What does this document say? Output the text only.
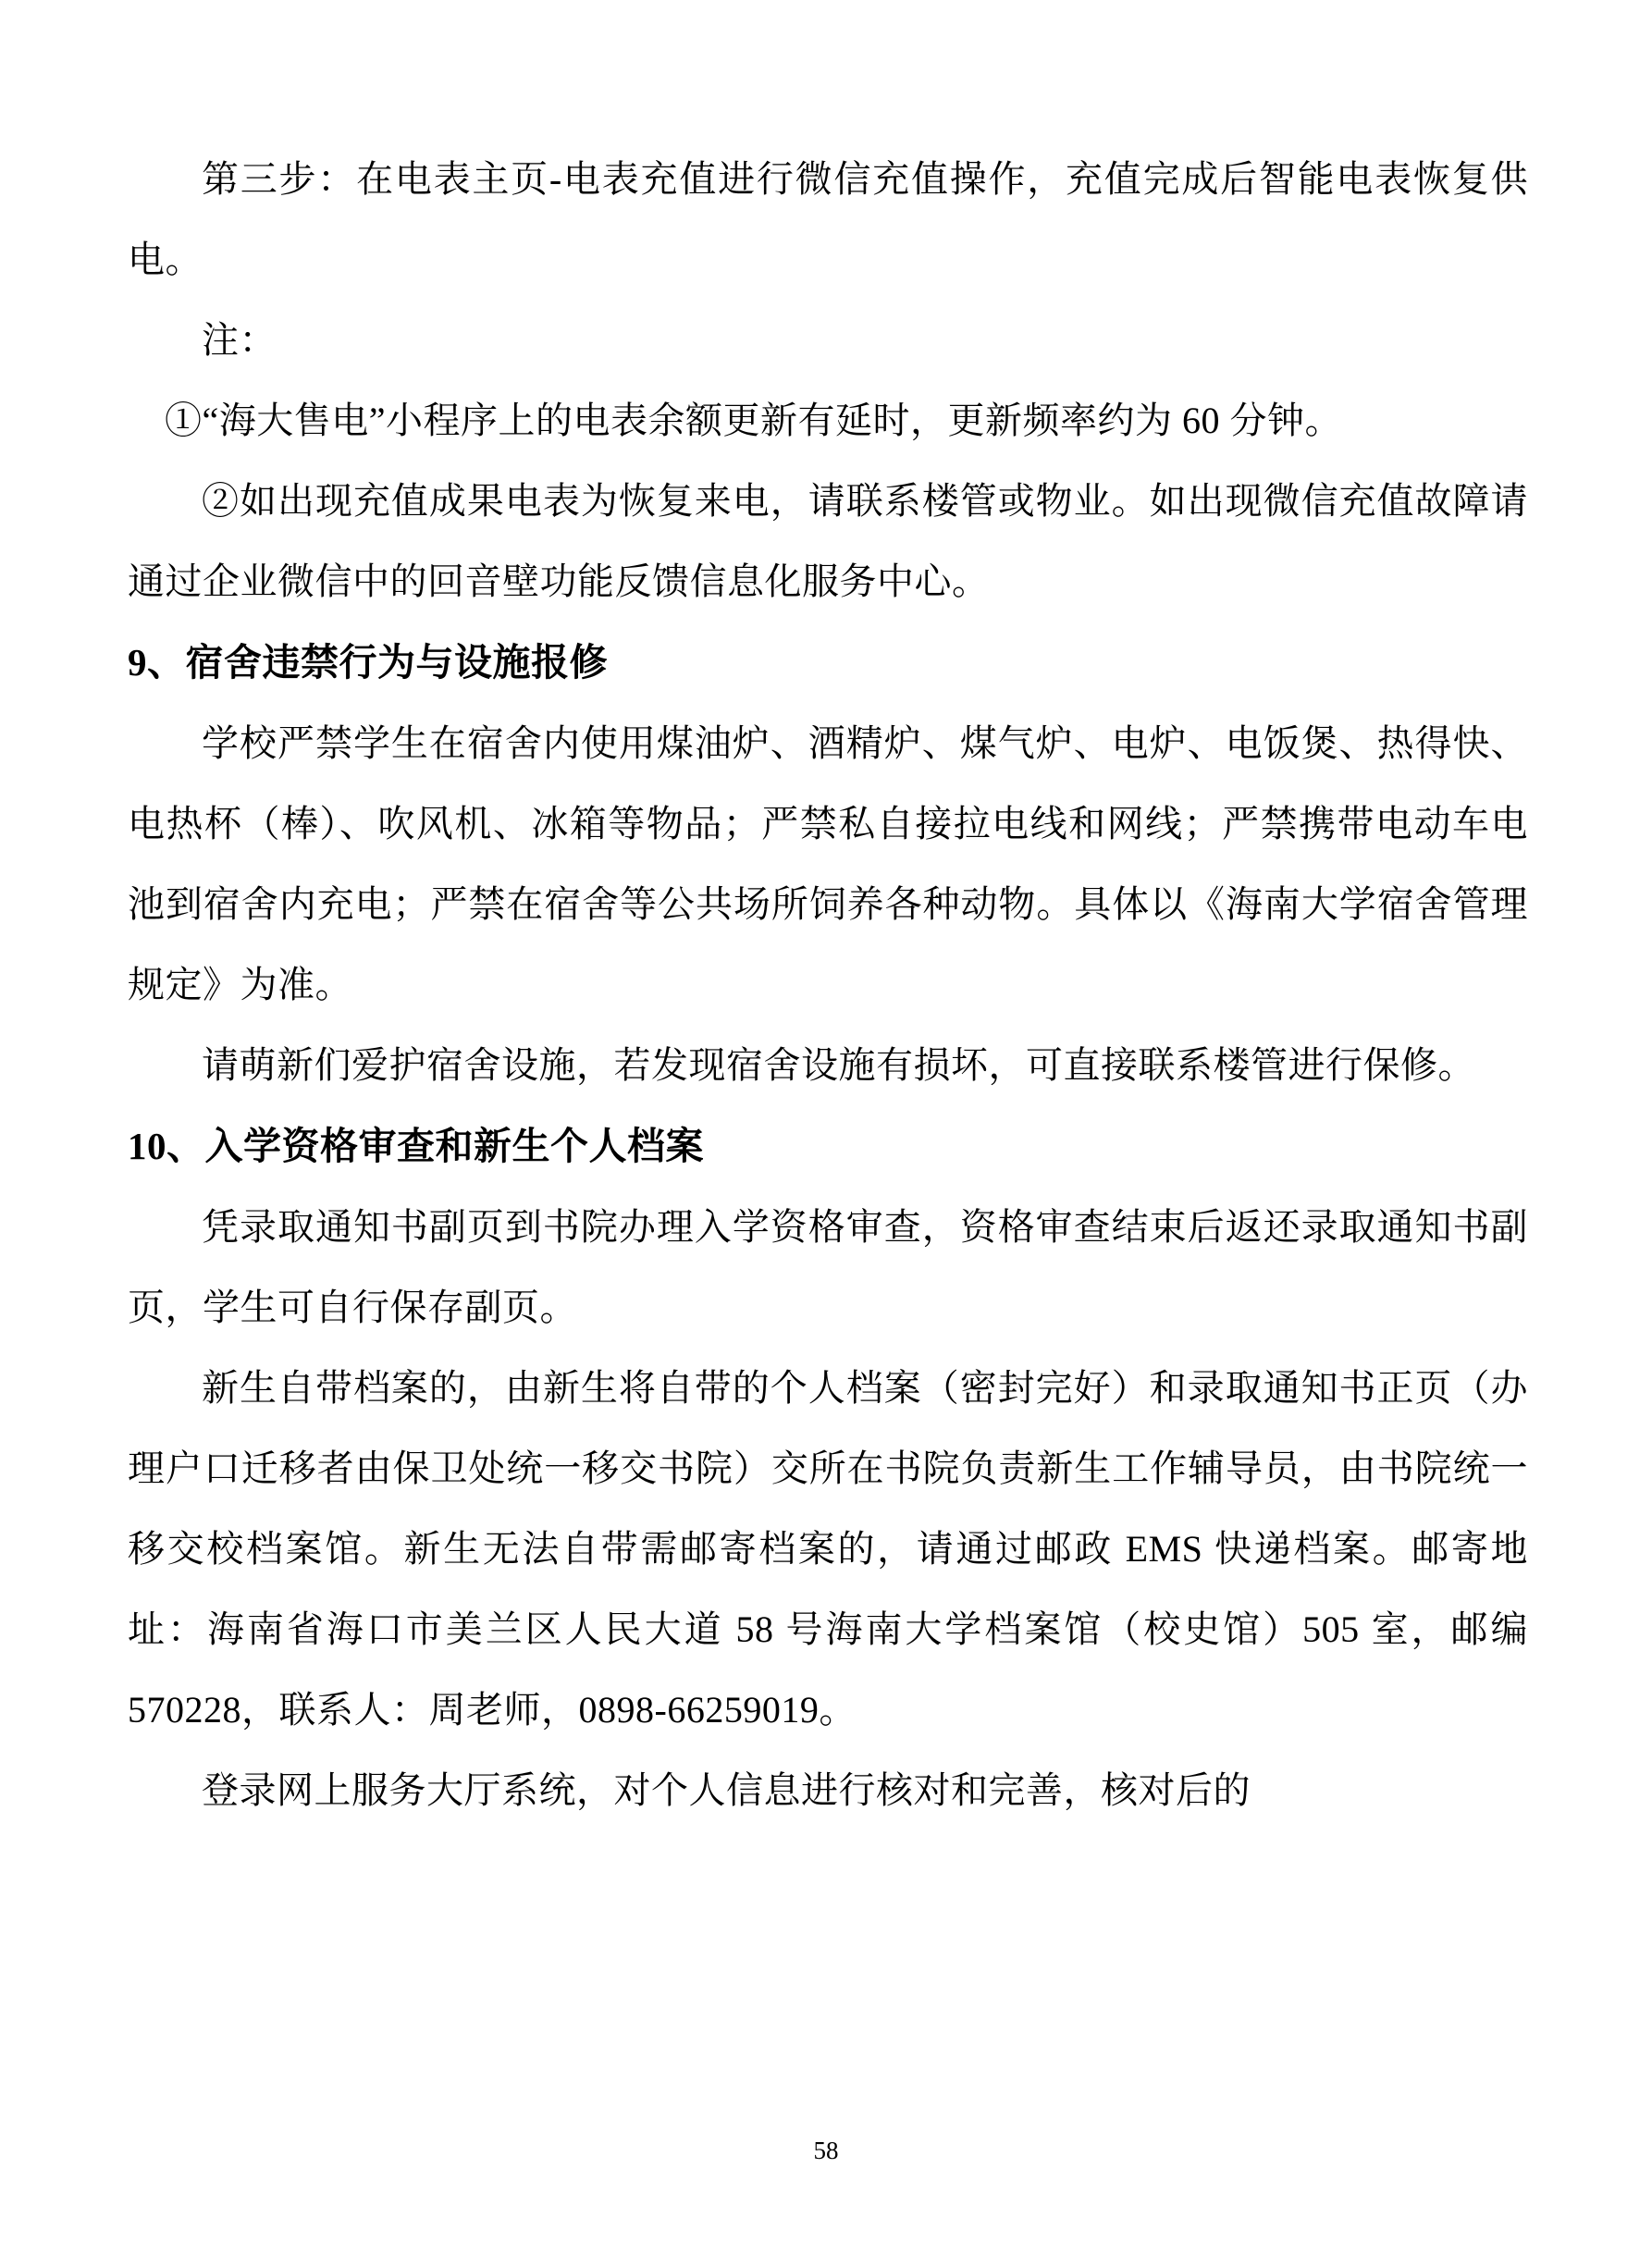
第三步：在电表主页-电表充值进行微信充值操作，充值完成后智能电表恢复供电。

注：

①“海大售电”小程序上的电表余额更新有延时，更新频率约为 60 分钟。

②如出现充值成果电表为恢复来电，请联系楼管或物业。如出现微信充值故障请通过企业微信中的回音壁功能反馈信息化服务中心。

9、宿舍违禁行为与设施报修

学校严禁学生在宿舍内使用煤油炉、酒精炉、煤气炉、电炉、电饭煲、热得快、电热杯（棒）、吹风机、冰箱等物品；严禁私自接拉电线和网线；严禁携带电动车电池到宿舍内充电；严禁在宿舍等公共场所饲养各种动物。具体以《海南大学宿舍管理规定》为准。

请萌新们爱护宿舍设施，若发现宿舍设施有损坏，可直接联系楼管进行保修。

10、入学资格审查和新生个人档案

凭录取通知书副页到书院办理入学资格审查，资格审查结束后返还录取通知书副页，学生可自行保存副页。

新生自带档案的，由新生将自带的个人档案（密封完好）和录取通知书正页（办理户口迁移者由保卫处统一移交书院）交所在书院负责新生工作辅导员，由书院统一移交校档案馆。新生无法自带需邮寄档案的，请通过邮政 EMS 快递档案。邮寄地址：海南省海口市美兰区人民大道 58 号海南大学档案馆（校史馆）505 室，邮编 570228，联系人：周老师，0898-66259019。

登录网上服务大厅系统，对个人信息进行核对和完善，核对后的

58
